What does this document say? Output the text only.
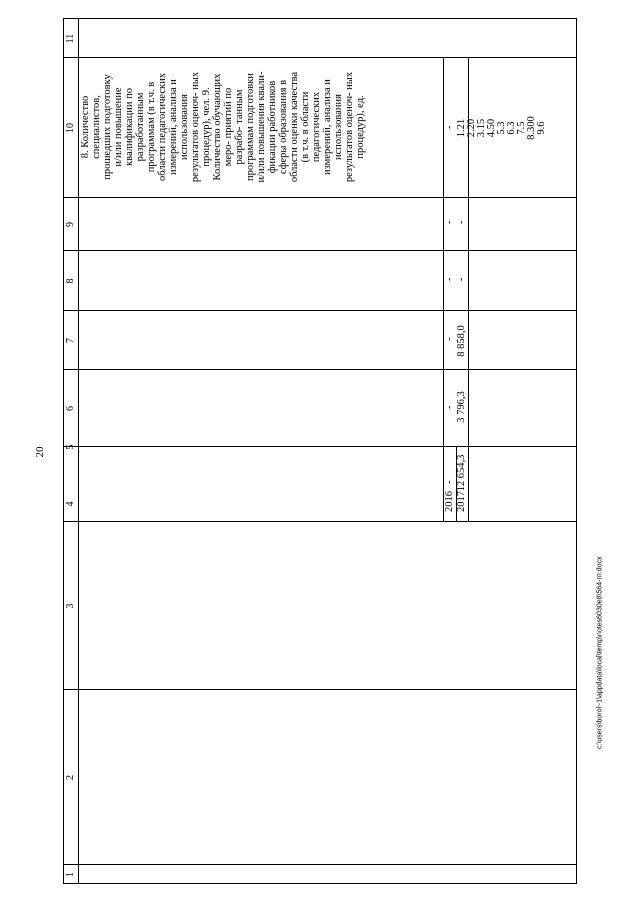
20
1
2
3
4
5
6
7
8
9
10
11
8. Количество специалистов, прошедших подготовку и/или повышение квалификации по разработанным программам (в т.ч. в области педагогических измерений, анализа и использования результатов оценоч- ных процедур), чел. 9. Количество обучающих меро- приятий по разрабо- танным программам подготовки и/или повышения квали- фикации работников сферы образования в области оценки качества (в т.ч. в области педагогических измерений, анализа и использования результатов оценоч- ных процедур), ед.
2016 2017
-
-
-
-
-
-
12 654,3
3 796,3
8 858,0
-
-
1.21 2.20 3.15 4.50 5.3 6.3 7.5 8.300 9.6
c:\users\borol~1\appdata\local\temp\notes6030e8\564-гп.docx
